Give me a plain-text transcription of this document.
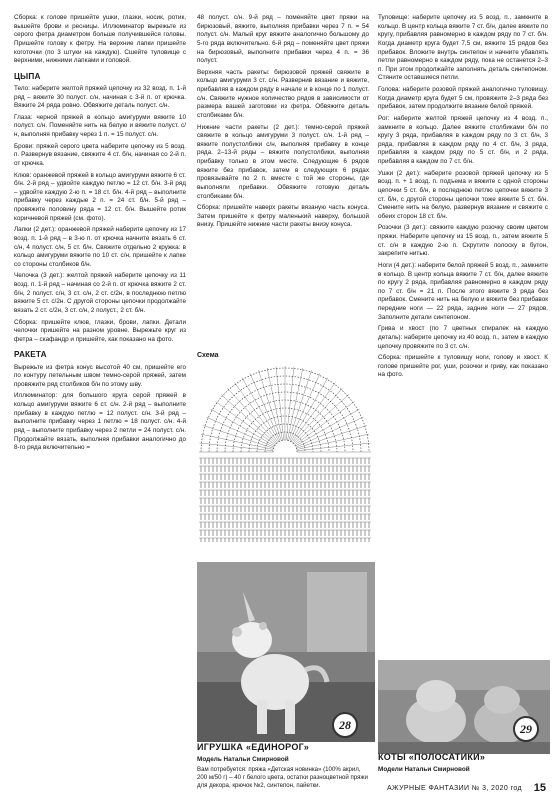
Сборка: к голове пришейте ушки, глазки, носик, ротик, вышейте брови и ресницы. Иллюминатор вырежьте из серого фетра диаметром больше получившейся головы. Пришейте голову к фетру. На верхние лапки пришейте коготочки (по 3 штуки на каждую). Сшейте туловище с верхними, нижними лапками и головой.

ЦЫПА

Тело: наберите желтой пряжей цепочку из 32 возд. п. 1-й ряд – вяжите 30 полуст. с/н, начиная с 3-й п. от крючка. Вяжите 24 ряда ровно. Обвяжите деталь полуст. с/н.

Глаза: черной пряжей в кольцо амигуруми вяжите 10 полуст. с/н. Поменяйте нить на белую и вяжите полуст. с/н, выполняя прибавку через 1 п. = 15 полуст. с/н.

Брови: пряжей серого цвета наберите цепочку из 5 возд. п. Развернув вязание, свяжите 4 ст. б/н, начиная со 2-й п. от крючка.

Клюв: оранжевой пряжей в кольцо амигуруми вяжите 6 ст. б/н. 2-й ряд – удвойте каждую петлю = 12 ст. б/н. 3-й ряд – удвойте каждую 2-ю п. = 18 ст. б/н. 4-й ряд – выполните прибавку через каждые 2 п. = 24 ст. б/н. 5-й ряд – провяжите половину ряда = 12 ст. б/н. Вышейте ротик коричневой пряжей (см. фото).

Лапки (2 дет.): оранжевой пряжей наберите цепочку из 17 возд. п. 1-й ряд – в 3-ю п. от крючка начните вязать 6 ст. с/н, 4 полуст. с/н, 5 ст. б/н. Свяжите отдельно 2 кружка: в кольцо амигуруми вяжите по 10 ст. с/н, пришейте к лапке со стороны столбиков б/н.

Челочка (3 дет.): желтой пряжей наберите цепочку из 11 возд. п. 1-й ряд – начиная со 2-й п. от крючка вяжите 2 ст. б/н, 2 полуст. с/н, 3 ст. с/н, 2 ст. с/2н, в последнюю петлю вяжите 5 ст. с/2н. С другой стороны цепочки продолжайте вязать 2 ст. с/2н, 3 ст. с/н, 2 полуст., 2 ст. б/н.

Сборка: пришейте клюв, глазки, брови, лапки. Детали челочки пришейте на разном уровне. Вырежьте круг из фетра – скафандр и пришейте, как показано на фото.

РАКЕТА

Вырежьте из фетра конус высотой 40 см, пришейте его по контуру петельным швом темно-серой пряжей, затем провяжите ряд столбиков б/н по этому шву.

Иллюминатор: для большого круга серой пряжей в кольцо амигуруми вяжите 6 ст. с/н. 2-й ряд – выполните прибавку в каждую петлю = 12 полуст. с/н. 3-й ряд – выполните прибавку через 1 петлю = 18 полуст. с/н. 4-й ряд – выполните прибавку через 2 петли = 24 полуст. с/н. Продолжайте вязать, выполняя прибавки аналогично до 8-го ряда включительно =

48 полуст. с/н. 9-й ряд – поменяйте цвет пряжи на бирюзовый, вяжите, выполняя прибавки через 7 п. = 54 полуст. с/н. Малый круг вяжите аналогично большому до 5-го ряда включительно. 6-й ряд – поменяйте цвет пряжи на бирюзовый, выполните прибавки через 4 п. = 36 полуст.

Верхняя часть ракеты: бирюзовой пряжей свяжите в кольцо амигуруми 3 ст. с/н. Развернив вязание и вяжите, прибавляя в каждом ряду в начале и в конце по 1 полуст. с/н. Свяжите нужное количество рядов в зависимости от размера вашей заготовки из фетра. Обвяжите деталь столбиками б/н.

Нижние части ракеты (2 дет.): темно-серой пряжей свяжите в кольцо амигуруми 3 полуст. с/н. 1-й ряд – вяжите полустолбики с/н, выполняя прибавку в конце ряда. 2–13-й ряды – вяжите полустолбики, выполняя прибавку только в этом месте. Следующие 6 рядов вяжите без прибавок, затем в следующих 6 рядах провязывайте по 2 п. вместе с той же стороны, где выполняли прибавки. Обвяжите готовую деталь столбиками б/н.

Сборка: пришейте наверх ракеты вязаную часть конуса. Затем пришейте к фетру маленький наверху, большой внизу. Пришейте нижние части ракеты внизу конуса.

Схема
ИГРУШКА «ЕДИНОРОГ»
28
Модель Натальи Смирновой
Вам потребуется: пряжа «Детская новинка» (100% акрил, 200 м/50 г) – 40 г белого цвета, остатки разноцветной пряжи для декора, крючок №2, синтепон, пайетки.

Туловище: наберите цепочку из 5 возд. п., замкните в кольцо. В центр кольца вяжите 7 ст. б/н, далее вяжите по кругу, прибавляя равномерно в каждом ряду по 7 ст. б/н. Когда диаметр круга будет 7,5 см, вяжите 15 рядов без прибавок. Вложите внутрь синтепон и начните убавлять петли равномерно в каждом ряду, пока не останется 2–3 п. При этом продолжайте заполнять деталь синтепоном. Стяните оставшиеся петли.

Голова: наберите розовой пряжей аналогично туловищу. Когда диаметр круга будет 5 см, провяжите 2–3 ряда без прибавок, затем продолжите вязание белой пряжей.

Рог: наберите желтой пряжей цепочку из 4 возд. п., замкните в кольцо. Далее вяжите столбиками б/н по кругу 3 ряда, прибавляя в каждом ряду по 3 ст. б/н, 3 ряда, прибавляя в каждом ряду по 4 ст. б/н, 3 ряда, прибавляя в каждом ряду по 5 ст. б/н, и 2 ряда, прибавляя в каждом по 7 ст. б/н.

Ушки (2 дет.): наберите розовой пряжей цепочку из 5 возд. п. + 1 возд. п. подъема и вяжите с одной стороны цепочки 5 ст. б/н, в последнюю петлю цепочки вяжите 3 ст. б/н, с другой стороны цепочки тоже вяжите 5 ст. б/н. Смените нить на белую, развернув вязание и свяжите с обеих сторон 18 ст. б/н.

Розочки (3 дет.): свяжите каждую розочку своим цветом пряжи. Наберите цепочку из 15 возд. п., затем вяжите 5 ст. с/н в каждую 2-ю п. Скрутите полоску в бутон, закрепите нитью.

Ноги (4 дет.): наберите белой пряжей 5 возд. п., замкните в кольцо. В центр кольца вяжите 7 ст. б/н, далее вяжите по кругу 2 ряда, прибавляя равномерно в каждом ряду по 7 ст. б/н = 21 п. После этого вяжите 3 ряда без прибавок. Смените нить на белую и вяжите без прибавок передние ноги — 22 ряда, задние ноги — 27 рядов. Заполните детали синтепоном.

Грива и хвост (по 7 цветных спиралек на каждую деталь): наберите цепочку из 40 возд. п., затем в каждую цепочку провяжите по 3 ст. с/н.

Сборка: пришейте к туловищу ноги, голову и хвост. К голове пришейте рог, уши, розочки и гриву, как показано на фото.

КОТЫ «ПОЛОСАТИКИ»
29
Модели Натальи Смирновой
АЖУРНЫЕ ФАНТАЗИИ № 3, 2020 год 15
